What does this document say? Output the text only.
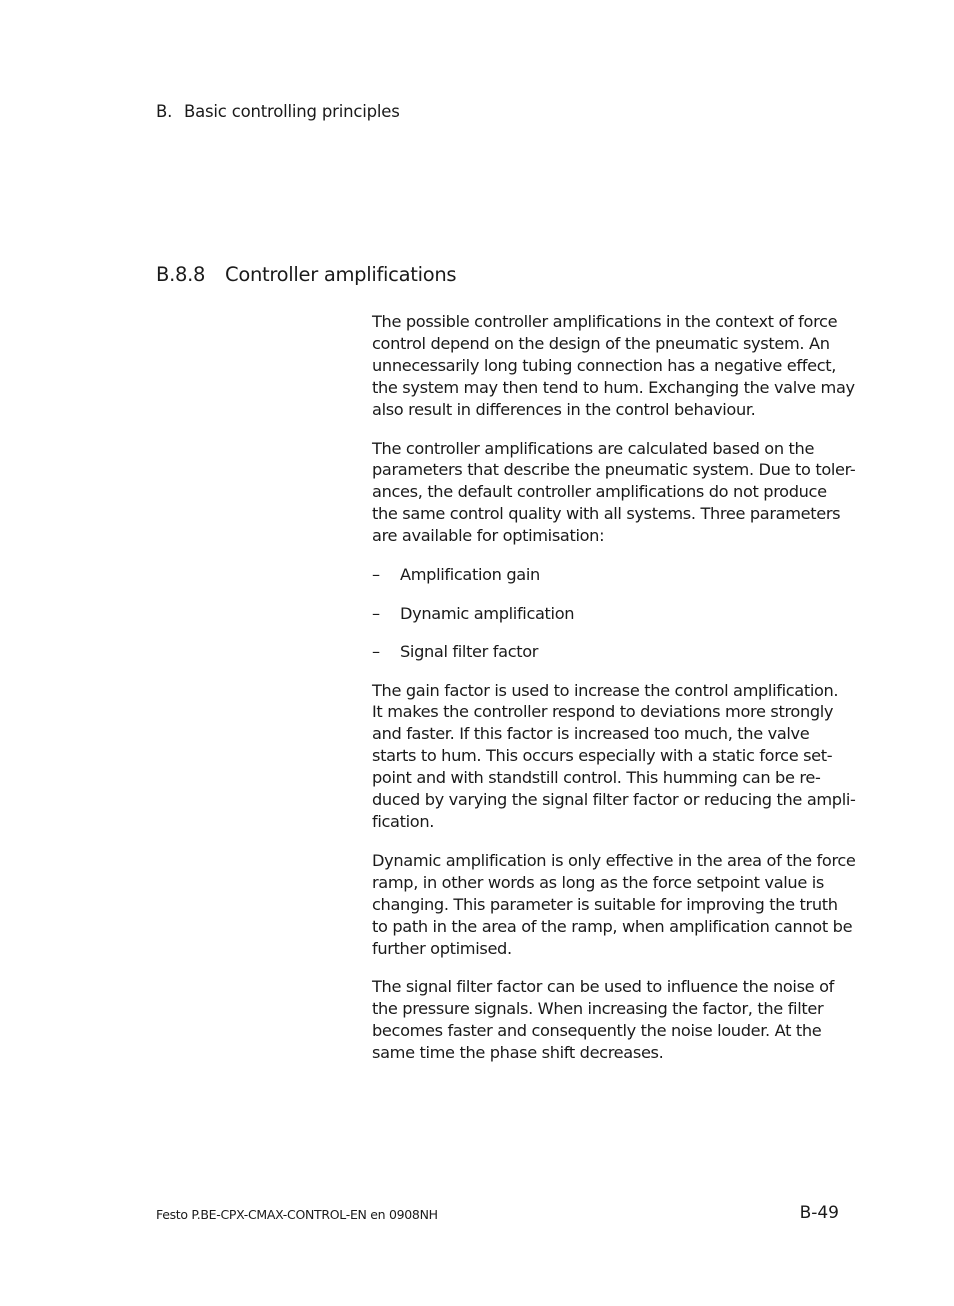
B. Basic controlling principles
B.8.8 Controller amplifications

The possible controller amplifications in the context of force
control depend on the design of the pneumatic system. An
unnecessarily long tubing connection has a negative effect,
the system may then tend to hum. Exchanging the valve may
also result in differences in the control behaviour.

The controller amplifications are calculated based on the
parameters that describe the pneumatic system. Due to toler-
ances, the default controller amplifications do not produce
the same control quality with all systems. Three parameters
are available for optimisation:

– Amplification gain
– Dynamic amplification
– Signal filter factor

The gain factor is used to increase the control amplification.
It makes the controller respond to deviations more strongly
and faster. If this factor is increased too much, the valve
starts to hum. This occurs especially with a static force set-
point and with standstill control. This humming can be re-
duced by varying the signal filter factor or reducing the ampli-
fication.

Dynamic amplification is only effective in the area of the force
ramp, in other words as long as the force setpoint value is
changing. This parameter is suitable for improving the truth
to path in the area of the ramp, when amplification cannot be
further optimised.

The signal filter factor can be used to influence the noise of
the pressure signals. When increasing the factor, the filter
becomes faster and consequently the noise louder. At the
same time the phase shift decreases.

Festo P.BE-CPX-CMAX-CONTROL-EN en 0908NH	B-49
